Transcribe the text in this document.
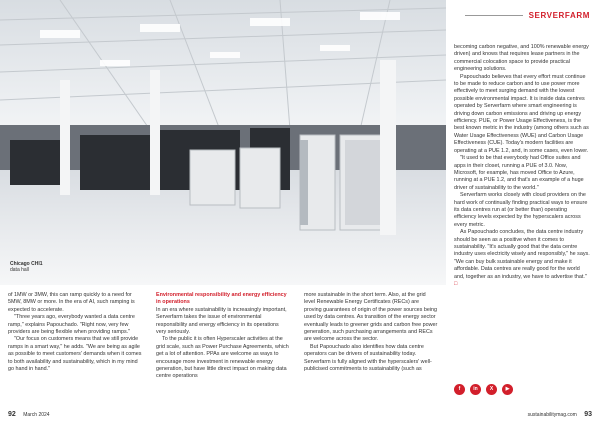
Chicago CHI1
data hall
SERVERFARM

becoming carbon negative, and 100% renewable energy driven) and knows that requires lease partners in the commercial colocation space to provide practical engineering solutions.

Papouchado believes that every effort must continue to be made to reduce carbon and to use power more effectively to meet surging demand with the lowest possible environmental impact. It is inside data centres operated by Serverfarm where smart engineering is driving down carbon emissions and driving up energy efficiency. PUE, or Power Usage Effectiveness, is the best known metric in the industry (among others such as Water Usage Effectiveness (WUE) and Carbon Usage Effectiveness (CUE). Today's modern facilities are operating at a PUE 1.2, and, in some cases, even lower.

"It used to be that everybody had Office suites and apps in their closet, running a PUE of 3.0. Now, Microsoft, for example, has moved Office to Azure, running at a PUE 1.2, and that's an example of a huge driver of sustainability to the world."

Serverfarm works closely with cloud providers on the hard work of continually finding practical ways to ensure its data centres run at (or better than) operating efficiency levels expected by the hyperscalers across every metric.

As Papouchado concludes, the data centre industry should be seen as a positive when it comes to sustainability. "It's actually good that the data centre industry uses electricity wisely and responsibly," he says. "We can buy bulk sustainable energy and make it affordable. Data centres are really good for the world and, together as an industry, we have to advertise that." □

of 1MW or 3MW, this can ramp quickly to a need for 5MW, 8MW or more. In the era of AI, such ramping is expected to accelerate.

"Three years ago, everybody wanted a data centre ramp," explains Papouchado. "Right now, very few providers are being flexible when providing ramps."

"Our focus on customers means that we still provide ramps in a smart way," he adds. "We are being as agile as possible to meet customers' demands when it comes to both availability and sustainability, which in my mind go hand in hand."

Environmental responsibility and energy efficiency in operations

In an era where sustainability is increasingly important, Serverfarm takes the issue of environmental responsibility and energy efficiency in its operations very seriously.

To the public it is often Hyperscaler activities at the grid scale, such as Power Purchase Agreements, which get a lot of attention. PPAs are welcome as ways to encourage more investment in renewable energy generation, but have little direct impact on making data centre operations

more sustainable in the short term. Also, at the grid level Renewable Energy Certificates (RECs) are proving guarantees of origin of the power sources being used by data centres. As transition of the energy sector eventually leads to greener grids and carbon free power generation, such purchasing arrangements and RECs are welcome across the sector.

But Papouchado also identifies how data centre operators can be drivers of sustainability today. Serverfarm is fully aligned with the hyperscalers' well-publicised commitments to sustainability (such as

f	in	X	▶
92 March 2024	sustainabilitymag.com 93
